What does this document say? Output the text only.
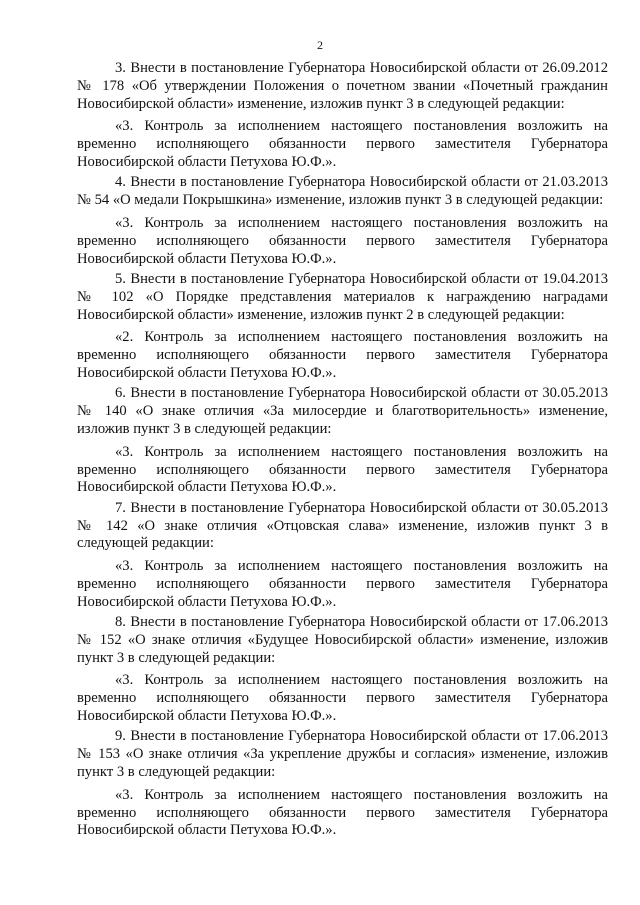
2

3. Внести в постановление Губернатора Новосибирской области от 26.09.2012 № 178 «Об утверждении Положения о почетном звании «Почетный гражданин Новосибирской области» изменение, изложив пункт 3 в следующей редакции:

«3. Контроль за исполнением настоящего постановления возложить на временно исполняющего обязанности первого заместителя Губернатора Новосибирской области Петухова Ю.Ф.».

4. Внести в постановление Губернатора Новосибирской области от 21.03.2013 № 54 «О медали Покрышкина» изменение, изложив пункт 3 в следующей редакции:

«3. Контроль за исполнением настоящего постановления возложить на временно исполняющего обязанности первого заместителя Губернатора Новосибирской области Петухова Ю.Ф.».

5. Внести в постановление Губернатора Новосибирской области от 19.04.2013 № 102 «О Порядке представления материалов к награждению наградами Новосибирской области» изменение, изложив пункт 2 в следующей редакции:

«2. Контроль за исполнением настоящего постановления возложить на временно исполняющего обязанности первого заместителя Губернатора Новосибирской области Петухова Ю.Ф.».

6. Внести в постановление Губернатора Новосибирской области от 30.05.2013 № 140 «О знаке отличия «За милосердие и благотворительность» изменение, изложив пункт 3 в следующей редакции:

«3. Контроль за исполнением настоящего постановления возложить на временно исполняющего обязанности первого заместителя Губернатора Новосибирской области Петухова Ю.Ф.».

7. Внести в постановление Губернатора Новосибирской области от 30.05.2013 № 142 «О знаке отличия «Отцовская слава» изменение, изложив пункт 3 в следующей редакции:

«3. Контроль за исполнением настоящего постановления возложить на временно исполняющего обязанности первого заместителя Губернатора Новосибирской области Петухова Ю.Ф.».

8. Внести в постановление Губернатора Новосибирской области от 17.06.2013 № 152 «О знаке отличия «Будущее Новосибирской области» изменение, изложив пункт 3 в следующей редакции:

«3. Контроль за исполнением настоящего постановления возложить на временно исполняющего обязанности первого заместителя Губернатора Новосибирской области Петухова Ю.Ф.».

9. Внести в постановление Губернатора Новосибирской области от 17.06.2013 № 153 «О знаке отличия «За укрепление дружбы и согласия» изменение, изложив пункт 3 в следующей редакции:

«3. Контроль за исполнением настоящего постановления возложить на временно исполняющего обязанности первого заместителя Губернатора Новосибирской области Петухова Ю.Ф.».
